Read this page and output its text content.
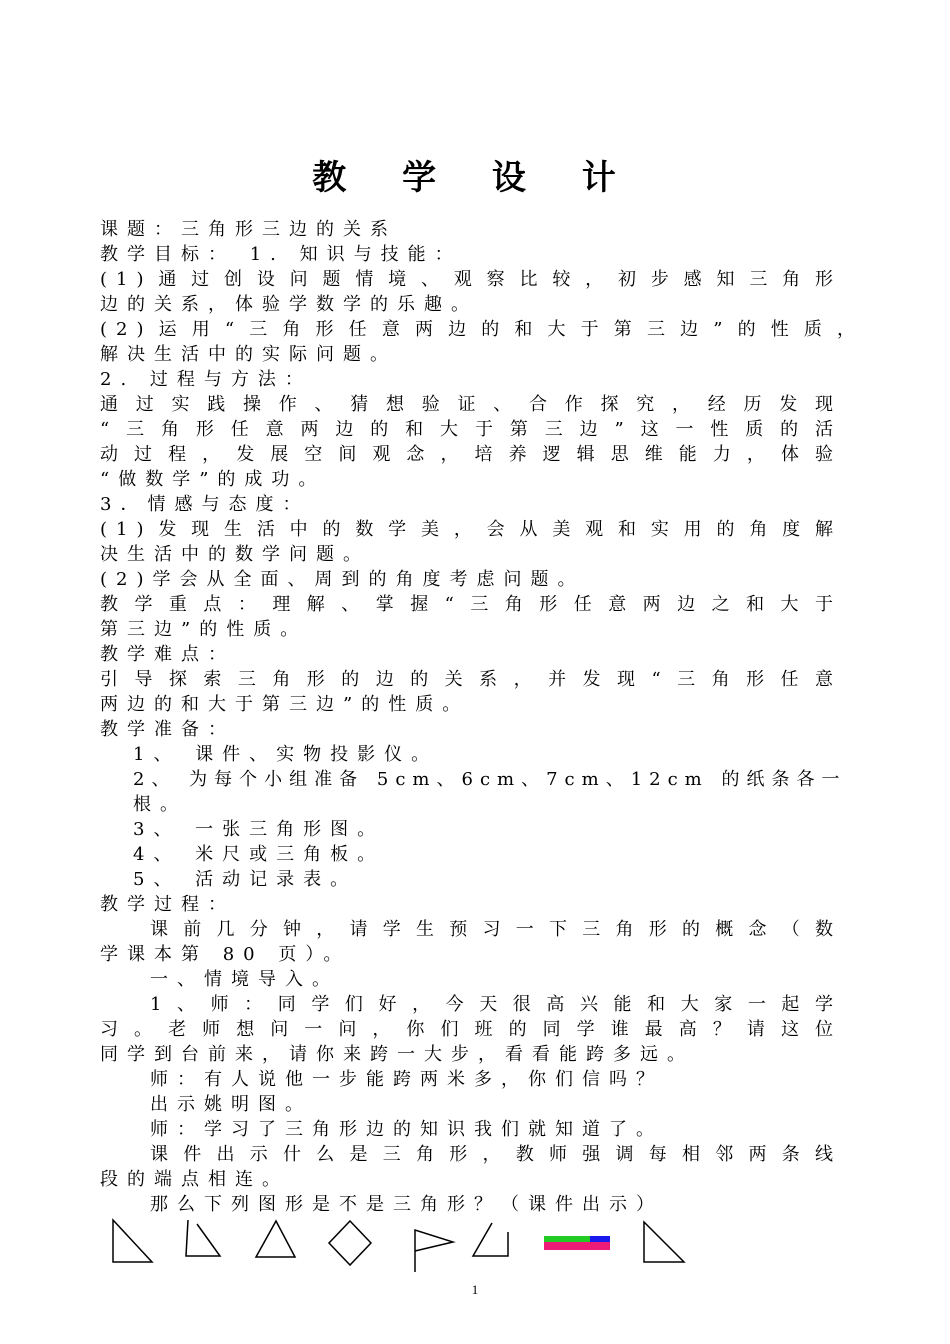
教 学 设 计
课题：三角形三边的关系
教学目标： 1. 知识与技能：
(1)通过创设问题情境、观察比较，初步感知三角形
边的关系，体验学数学的乐趣。
(2)运用“三角形任意两边的和大于第三边”的性质，
解决生活中的实际问题。
2. 过程与方法：
通过实践操作、猜想验证、合作探究，经历发现
“三角形任意两边的和大于第三边”这一性质的活
动过程，发展空间观念，培养逻辑思维能力，体验
“做数学”的成功。
3．情感与态度：
(1)发现生活中的数学美，会从美观和实用的角度解
决生活中的数学问题。
(2)学会从全面、周到的角度考虑问题。
教学重点：理解、掌握“三角形任意两边之和大于
第三边”的性质。
教学难点：
引导探索三角形的边的关系，并发现“三角形任意
两边的和大于第三边”的性质。
教学准备：
1、 课件、实物投影仪。
2、 为每个小组准备 5cm、6cm、7cm、12cm 的纸条各一
根。
3、 一张三角形图。
4、 米尺或三角板。
5、 活动记录表。
教学过程：
课前几分钟，请学生预习一下三角形的概念（数
学课本第 80 页）。
一、情境导入。
1、师：同学们好，今天很高兴能和大家一起学
习。老师想问一问，你们班的同学谁最高？请这位
同学到台前来，请你来跨一大步，看看能跨多远。
师：有人说他一步能跨两米多，你们信吗？
出示姚明图。
师：学习了三角形边的知识我们就知道了。
课件出示什么是三角形，教师强调每相邻两条线
段的端点相连。
那么下列图形是不是三角形？（课件出示）
1
